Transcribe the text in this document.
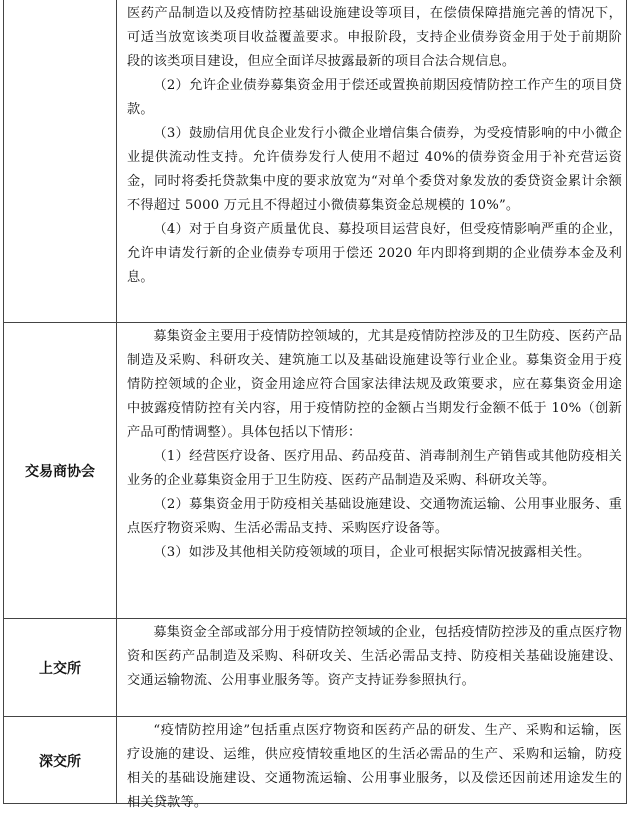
医药产品制造以及疫情防控基础设施建设等项目，在偿债保障措施完善的情况下，可适当放宽该类项目收益覆盖要求。申报阶段，支持企业债券资金用于处于前期阶段的该类项目建设，但应全面详尽披露最新的项目合法合规信息。

（2）允许企业债券募集资金用于偿还或置换前期因疫情防控工作产生的项目贷款。

（3）鼓励信用优良企业发行小微企业增信集合债券，为受疫情影响的中小微企业提供流动性支持。允许债券发行人使用不超过 40%的债券资金用于补充营运资金，同时将委托贷款集中度的要求放宽为“对单个委贷对象发放的委贷资金累计余额不得超过 5000 万元且不得超过小微债募集资金总规模的 10%”。

（4）对于自身资产质量优良、募投项目运营良好，但受疫情影响严重的企业，允许申请发行新的企业债券专项用于偿还 2020 年内即将到期的企业债券本金及利息。

交易商协会

募集资金主要用于疫情防控领域的，尤其是疫情防控涉及的卫生防疫、医药产品制造及采购、科研攻关、建筑施工以及基础设施建设等行业企业。募集资金用于疫情防控领域的企业，资金用途应符合国家法律法规及政策要求，应在募集资金用途中披露疫情防控有关内容，用于疫情防控的金额占当期发行金额不低于 10%（创新产品可酌情调整）。具体包括以下情形：

（1）经营医疗设备、医疗用品、药品疫苗、消毒制剂生产销售或其他防疫相关业务的企业募集资金用于卫生防疫、医药产品制造及采购、科研攻关等。

（2）募集资金用于防疫相关基础设施建设、交通物流运输、公用事业服务、重点医疗物资采购、生活必需品支持、采购医疗设备等。

（3）如涉及其他相关防疫领域的项目，企业可根据实际情况披露相关性。

上交所

募集资金全部或部分用于疫情防控领域的企业，包括疫情防控涉及的重点医疗物资和医药产品制造及采购、科研攻关、生活必需品支持、防疫相关基础设施建设、交通运输物流、公用事业服务等。资产支持证券参照执行。

深交所

“疫情防控用途”包括重点医疗物资和医药产品的研发、生产、采购和运输，医疗设施的建设、运维，供应疫情较重地区的生活必需品的生产、采购和运输，防疫相关的基础设施建设、交通物流运输、公用事业服务，以及偿还因前述用途发生的相关贷款等。
